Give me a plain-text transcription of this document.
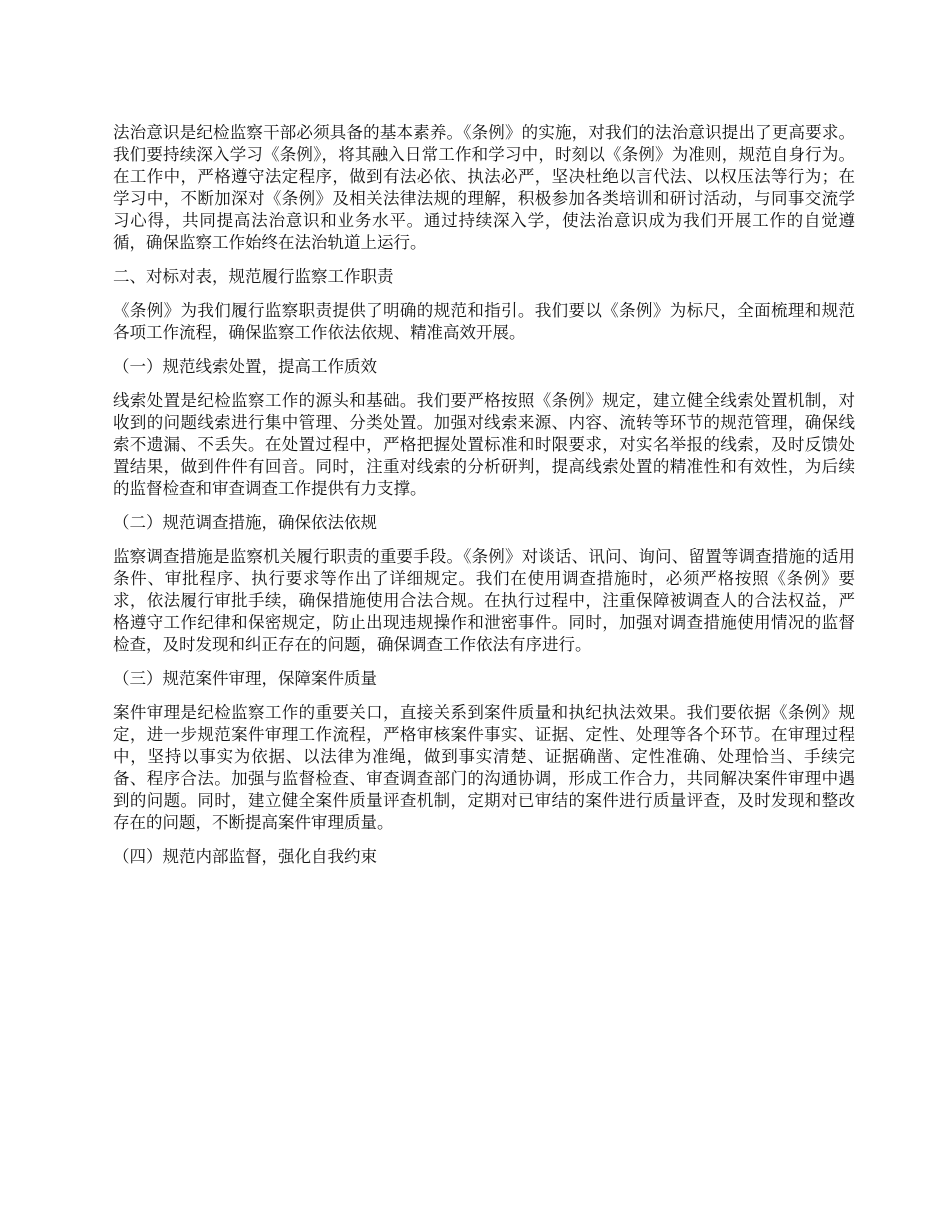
法治意识是纪检监察干部必须具备的基本素养。《条例》的实施，对我们的法治意识提出了更高要求。我们要持续深入学习《条例》，将其融入日常工作和学习中，时刻以《条例》为准则，规范自身行为。在工作中，严格遵守法定程序，做到有法必依、执法必严，坚决杜绝以言代法、以权压法等行为；在学习中，不断加深对《条例》及相关法律法规的理解，积极参加各类培训和研讨活动，与同事交流学习心得，共同提高法治意识和业务水平。通过持续深入学，使法治意识成为我们开展工作的自觉遵循，确保监察工作始终在法治轨道上运行。

二、对标对表，规范履行监察工作职责

《条例》为我们履行监察职责提供了明确的规范和指引。我们要以《条例》为标尺，全面梳理和规范各项工作流程，确保监察工作依法依规、精准高效开展。

（一）规范线索处置，提高工作质效

线索处置是纪检监察工作的源头和基础。我们要严格按照《条例》规定，建立健全线索处置机制，对收到的问题线索进行集中管理、分类处置。加强对线索来源、内容、流转等环节的规范管理，确保线索不遗漏、不丢失。在处置过程中，严格把握处置标准和时限要求，对实名举报的线索，及时反馈处置结果，做到件件有回音。同时，注重对线索的分析研判，提高线索处置的精准性和有效性，为后续的监督检查和审查调查工作提供有力支撑。

（二）规范调查措施，确保依法依规

监察调查措施是监察机关履行职责的重要手段。《条例》对谈话、讯问、询问、留置等调查措施的适用条件、审批程序、执行要求等作出了详细规定。我们在使用调查措施时，必须严格按照《条例》要求，依法履行审批手续，确保措施使用合法合规。在执行过程中，注重保障被调查人的合法权益，严格遵守工作纪律和保密规定，防止出现违规操作和泄密事件。同时，加强对调查措施使用情况的监督检查，及时发现和纠正存在的问题，确保调查工作依法有序进行。

（三）规范案件审理，保障案件质量

案件审理是纪检监察工作的重要关口，直接关系到案件质量和执纪执法效果。我们要依据《条例》规定，进一步规范案件审理工作流程，严格审核案件事实、证据、定性、处理等各个环节。在审理过程中，坚持以事实为依据、以法律为准绳，做到事实清楚、证据确凿、定性准确、处理恰当、手续完备、程序合法。加强与监督检查、审查调查部门的沟通协调，形成工作合力，共同解决案件审理中遇到的问题。同时，建立健全案件质量评查机制，定期对已审结的案件进行质量评查，及时发现和整改存在的问题，不断提高案件审理质量。

（四）规范内部监督，强化自我约束
